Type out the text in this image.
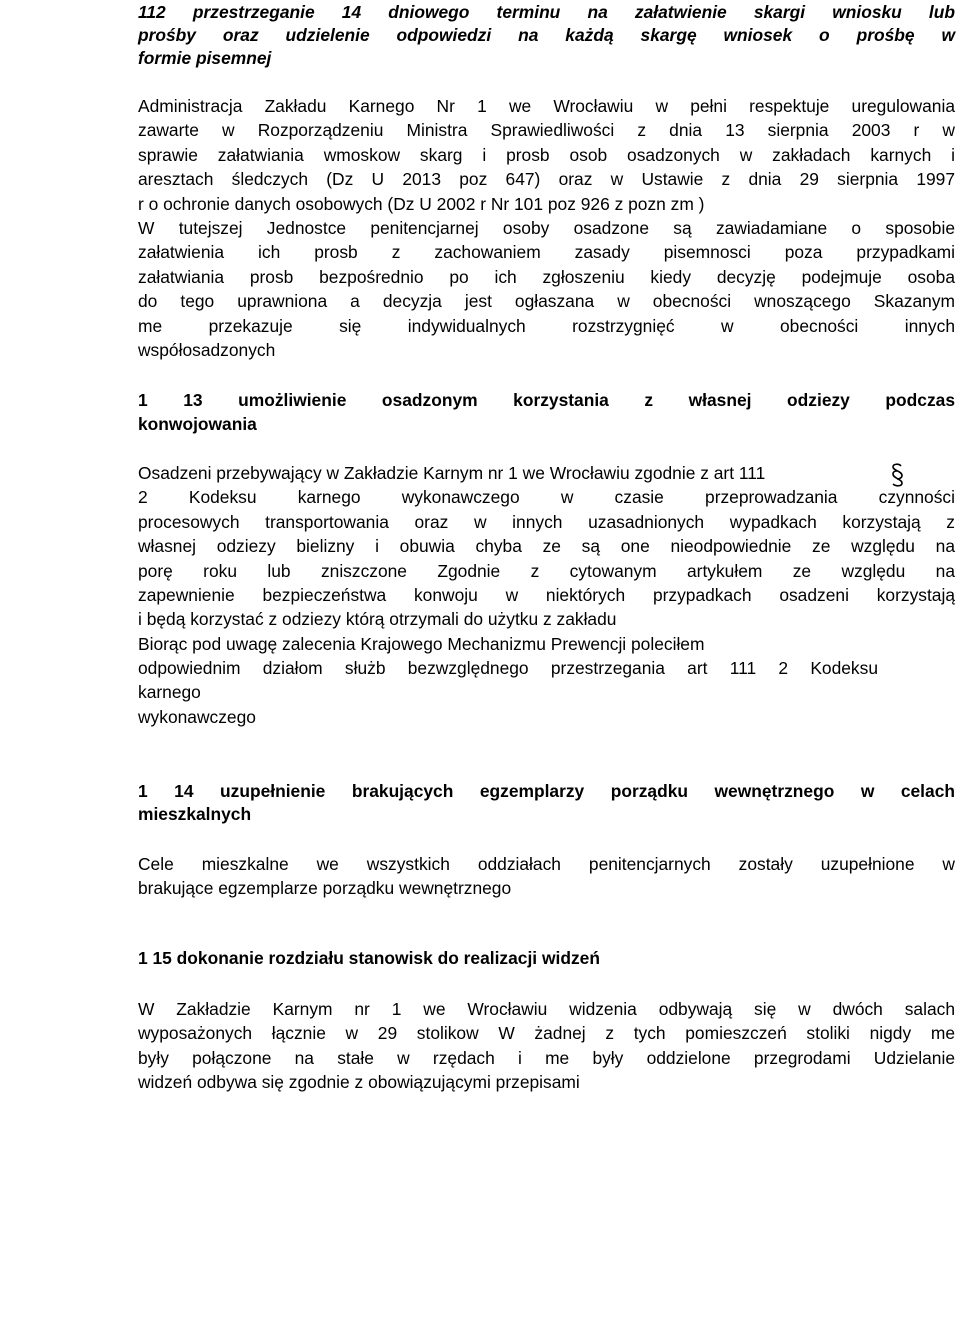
112 przestrzeganie 14 dniowego terminu na załatwienie skargi wniosku lub
prośby oraz udzielenie odpowiedzi na każdą skargę wniosek o prośbę w
formie pisemnej
Administracja Zakładu Karnego Nr 1 we Wrocławiu w pełni respektuje uregulowania
zawarte w Rozporządzeniu Ministra Sprawiedliwości z dnia 13 sierpnia 2003 r w
sprawie załatwiania wmoskow skarg i prosb osob osadzonych w zakładach karnych i
aresztach śledczych (Dz U 2013 poz 647) oraz w Ustawie z dnia 29 sierpnia 1997
r o ochronie danych osobowych (Dz U 2002 r Nr 101 poz 926 z pozn zm )
W tutejszej Jednostce penitencjarnej osoby osadzone są zawiadamiane o sposobie
załatwienia ich prosb z zachowaniem zasady pisemnosci poza przypadkami
załatwiania prosb bezpośrednio po ich zgłoszeniu kiedy decyzję podejmuje osoba
do tego uprawniona a decyzja jest ogłaszana w obecności wnoszącego Skazanym
me przekazuje się indywidualnych rozstrzygnięć w obecności innych
współosadzonych
1 13 umożliwienie osadzonym korzystania z własnej odziezy podczas
konwojowania
Osadzeni przebywający w Zakładzie Karnym nr 1 we Wrocławiu zgodnie z art 111
2 Kodeksu karnego wykonawczego w czasie przeprowadzania czynności
procesowych transportowania oraz w innych uzasadnionych wypadkach korzystają z
własnej odziezy bielizny i obuwia chyba ze są one nieodpowiednie ze względu na
porę roku lub zniszczone Zgodnie z cytowanym artykułem ze względu na
zapewnienie bezpieczeństwa konwoju w niektórych przypadkach osadzeni korzystają
i będą korzystać z odziezy którą otrzymali do użytku z zakładu
Biorąc pod uwagę zalecenia Krajowego Mechanizmu Prewencji poleciłem
odpowiednim działom służb bezwzględnego przestrzegania art 111 2 Kodeksu
karnego
wykonawczego
1 14 uzupełnienie brakujących egzemplarzy porządku wewnętrznego w celach
mieszkalnych
Cele mieszkalne we wszystkich oddziałach penitencjarnych zostały uzupełnione w
brakujące egzemplarze porządku wewnętrznego
1 15 dokonanie rozdziału stanowisk do realizacji widzeń
W Zakładzie Karnym nr 1 we Wrocławiu widzenia odbywają się w dwóch salach
wyposażonych łącznie w 29 stolikow W żadnej z tych pomieszczeń stoliki nigdy me
były połączone na stałe w rzędach i me były oddzielone przegrodami Udzielanie
widzeń odbywa się zgodnie z obowiązującymi przepisami
